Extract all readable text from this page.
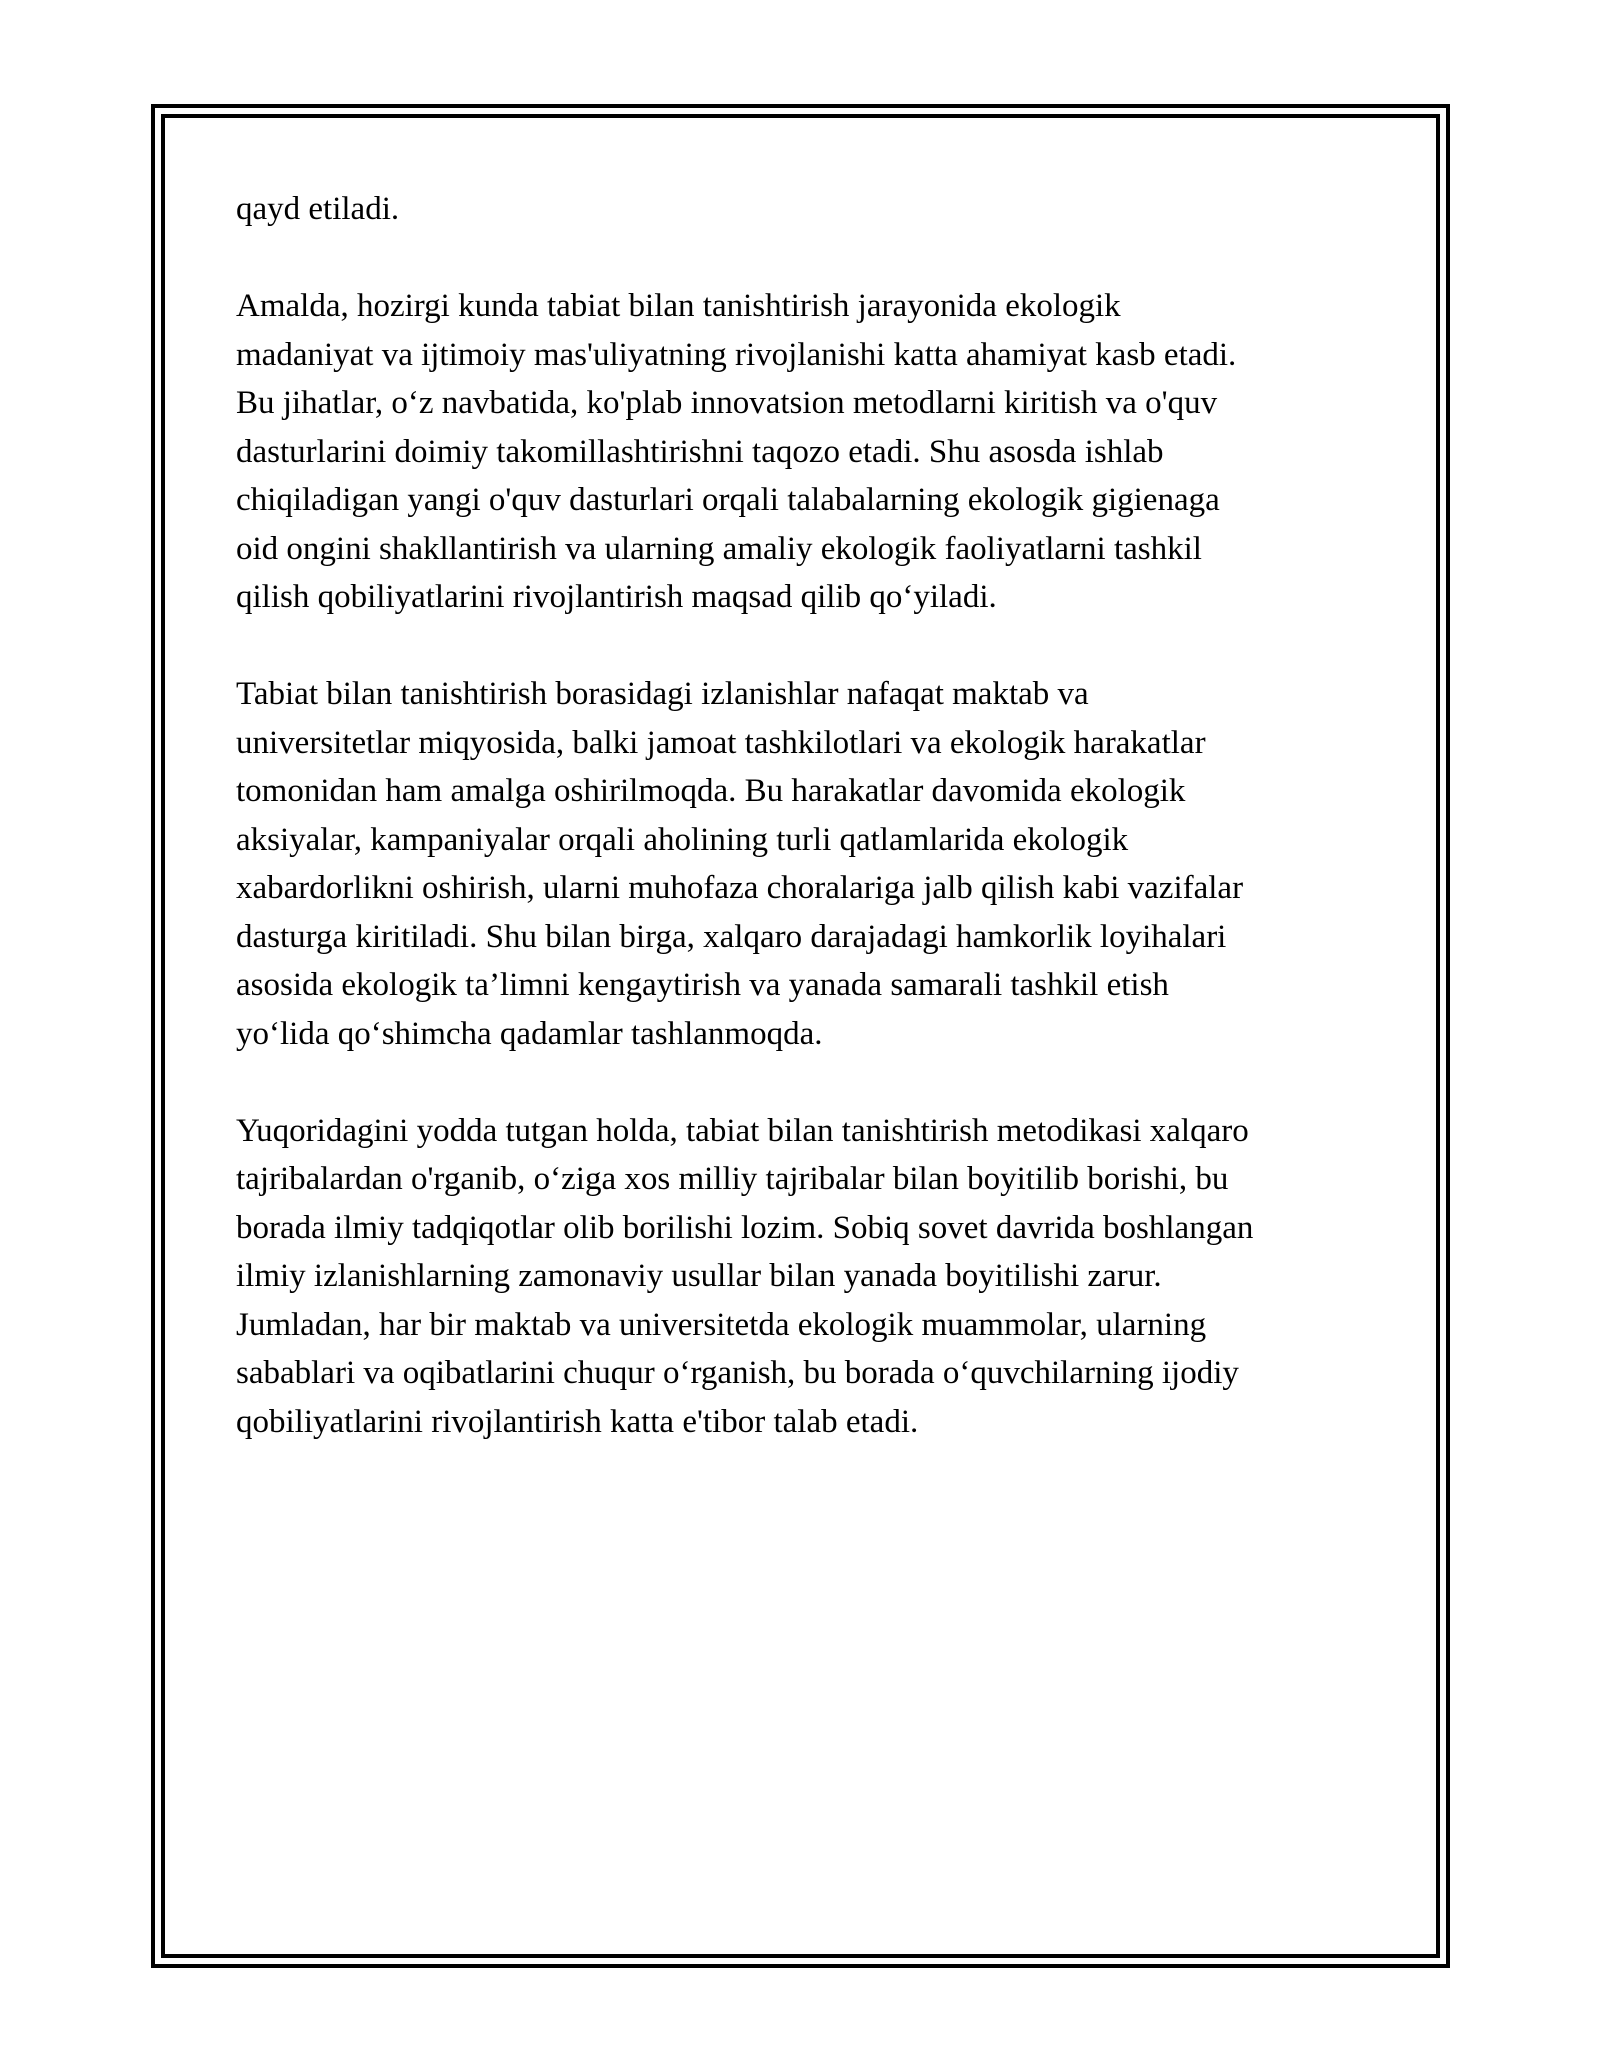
qayd etiladi.

Amalda, hozirgi kunda tabiat bilan tanishtirish jarayonida ekologik
madaniyat va ijtimoiy mas'uliyatning rivojlanishi katta ahamiyat kasb etadi.
Bu jihatlar, o‘z navbatida, ko'plab innovatsion metodlarni kiritish va o'quv
dasturlarini doimiy takomillashtirishni taqozo etadi. Shu asosda ishlab
chiqiladigan yangi o'quv dasturlari orqali talabalarning ekologik gigienaga
oid ongini shakllantirish va ularning amaliy ekologik faoliyatlarni tashkil
qilish qobiliyatlarini rivojlantirish maqsad qilib qo‘yiladi.

Tabiat bilan tanishtirish borasidagi izlanishlar nafaqat maktab va
universitetlar miqyosida, balki jamoat tashkilotlari va ekologik harakatlar
tomonidan ham amalga oshirilmoqda. Bu harakatlar davomida ekologik
aksiyalar, kampaniyalar orqali aholining turli qatlamlarida ekologik
xabardorlikni oshirish, ularni muhofaza choralariga jalb qilish kabi vazifalar
dasturga kiritiladi. Shu bilan birga, xalqaro darajadagi hamkorlik loyihalari
asosida ekologik ta’limni kengaytirish va yanada samarali tashkil etish
yo‘lida qo‘shimcha qadamlar tashlanmoqda.

Yuqoridagini yodda tutgan holda, tabiat bilan tanishtirish metodikasi xalqaro
tajribalardan o'rganib, o‘ziga xos milliy tajribalar bilan boyitilib borishi, bu
borada ilmiy tadqiqotlar olib borilishi lozim. Sobiq sovet davrida boshlangan
ilmiy izlanishlarning zamonaviy usullar bilan yanada boyitilishi zarur.
Jumladan, har bir maktab va universitetda ekologik muammolar, ularning
sabablari va oqibatlarini chuqur o‘rganish, bu borada o‘quvchilarning ijodiy
qobiliyatlarini rivojlantirish katta e'tibor talab etadi.
